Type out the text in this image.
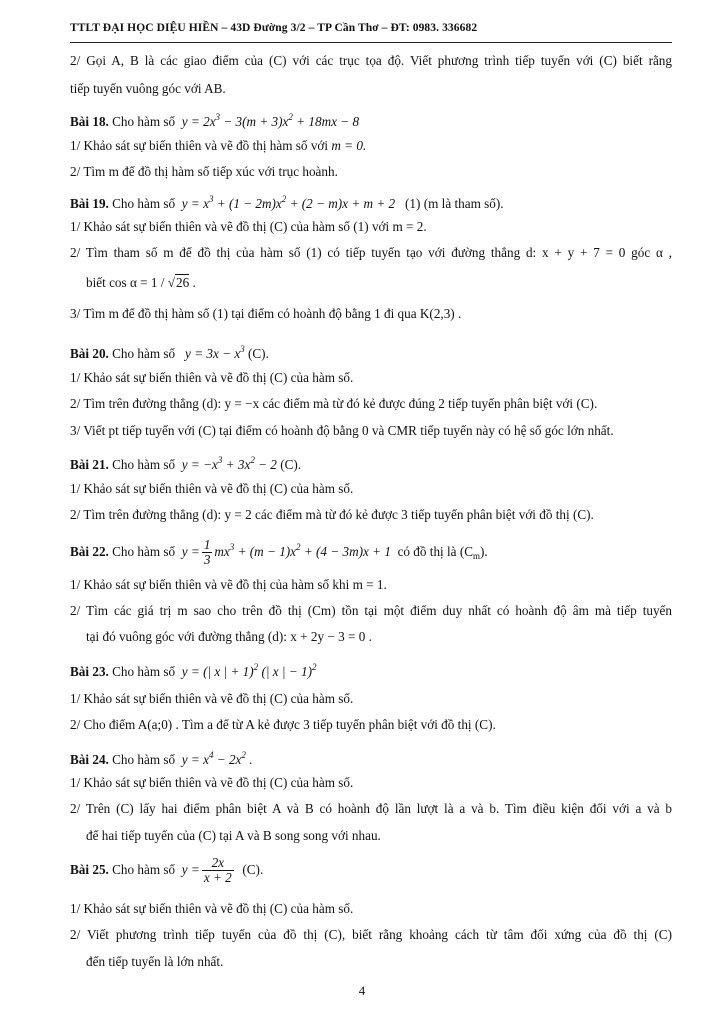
TTLT ĐẠI HỌC DIỆU HIỀN – 43D Đường 3/2 – TP Cần Thơ – ĐT: 0983. 336682
2/ Gọi A, B là các giao điểm của (C) với các trục tọa độ. Viết phương trình tiếp tuyến với (C) biết rằng
tiếp tuyến vuông góc với AB.
Bài 18. Cho hàm số  $y = 2x^3 - 3(m + 3)x^2 + 18mx - 8$
1/ Khảo sát sự biến thiên và vẽ đồ thị hàm số với m = 0.
2/ Tìm m để đồ thị hàm số tiếp xúc với trục hoành.
Bài 19. Cho hàm số  $y = x^3 + (1 - 2m)x^2 + (2 - m)x + m + 2$   (1) (m là tham số).
1/ Khảo sát sự biến thiên và vẽ đồ thị (C) của hàm số (1) với m = 2.
2/ Tìm tham số m để đồ thị của hàm số (1) có tiếp tuyến tạo với đường thẳng d: x + y + 7 = 0 góc α ,
biết cos α = 1 / √26 .
3/ Tìm m để đồ thị hàm số (1) tại điểm có hoành độ bằng 1 đi qua K(2,3) .
Bài 20. Cho hàm số   $y = 3x - x^3$ (C).
1/ Khảo sát sự biến thiên và vẽ đồ thị (C) của hàm số.
2/ Tìm trên đường thẳng (d): y = −x các điểm mà từ đó kẻ được đúng 2 tiếp tuyến phân biệt với (C).
3/ Viết pt tiếp tuyến với (C) tại điểm có hoành độ bằng 0 và CMR tiếp tuyến này có hệ số góc lớn nhất.
Bài 21. Cho hàm số  $y = -x^3 + 3x^2 - 2$ (C).
1/ Khảo sát sự biến thiên và vẽ đồ thị (C) của hàm số.
2/ Tìm trên đường thẳng (d): y = 2 các điểm mà từ đó kẻ được 3 tiếp tuyến phân biệt với đồ thị (C).
Bài 22. Cho hàm số  $y = \frac{1}{3} mx^3 + (m - 1)x^2 + (4 - 3m)x + 1$  có đồ thị là $(C_m)$.
1/ Khảo sát sự biến thiên và vẽ đồ thị của hàm số khi m = 1.
2/ Tìm các giá trị m sao cho trên đồ thị (Cm) tồn tại một điểm duy nhất có hoành độ âm mà tiếp tuyến
tại đó vuông góc với đường thẳng (d): x + 2y − 3 = 0 .
Bài 23. Cho hàm số  y = (| x | + 1)$^2$ (| x | − 1)$^2$
1/ Khảo sát sự biến thiên và vẽ đồ thị (C) của hàm số.
2/ Cho điểm A(a;0) . Tìm a để từ A kẻ được 3 tiếp tuyến phân biệt với đồ thị (C).
Bài 24. Cho hàm số  $y = x^4 - 2x^2$ .
1/ Khảo sát sự biến thiên và vẽ đồ thị (C) của hàm số.
2/ Trên (C) lấy hai điểm phân biệt A và B có hoành độ lần lượt là a và b. Tìm điều kiện đối với a và b
để hai tiếp tuyến của (C) tại A và B song song với nhau.
Bài 25. Cho hàm số  $y = \frac{2x}{x + 2} (C)$.
1/ Khảo sát sự biến thiên và vẽ đồ thị (C) của hàm số.
2/ Viết phương trình tiếp tuyến của đồ thị (C), biết rằng khoảng cách từ tâm đối xứng của đồ thị (C)
đến tiếp tuyến là lớn nhất.
4
